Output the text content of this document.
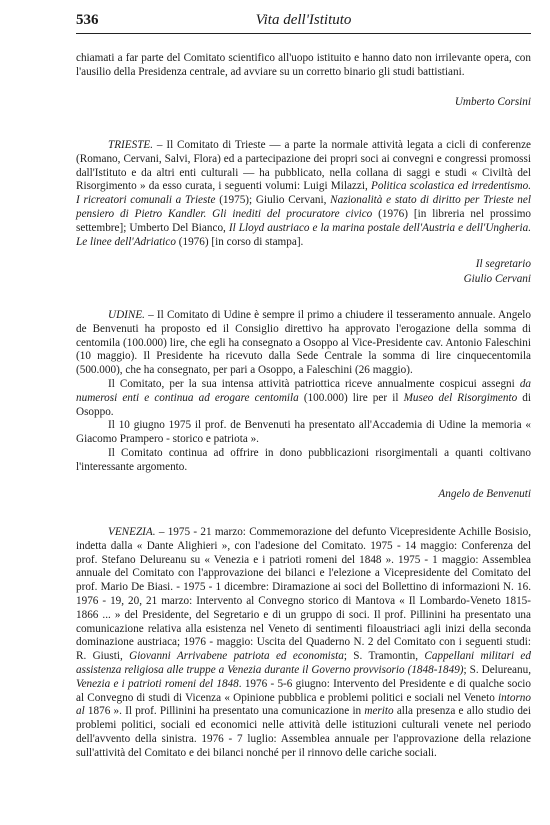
536	Vita dell'Istituto

chiamati a far parte del Comitato scientifico all'uopo istituito e hanno dato non irrilevante opera, con l'ausilio della Presidenza centrale, ad avviare su un corretto binario gli studi battistiani.

Umberto Corsini

TRIESTE. – Il Comitato di Trieste — a parte la normale attività legata a cicli di conferenze (Romano, Cervani, Salvi, Flora) ed a partecipazione dei propri soci ai convegni e congressi promossi dall'Istituto e da altri enti culturali — ha pubblicato, nella collana di saggi e studi « Civiltà del Risorgimento » da esso curata, i seguenti volumi: Luigi Milazzi, Politica scolastica ed irredentismo. I ricreatori comunali a Trieste (1975); Giulio Cervani, Nazionalità e stato di diritto per Trieste nel pensiero di Pietro Kandler. Gli inediti del procuratore civico (1976) [in libreria nel prossimo settembre]; Umberto Del Bianco, Il Lloyd austriaco e la marina postale dell'Austria e dell'Ungheria. Le linee dell'Adriatico (1976) [in corso di stampa].

Il segretario
Giulio Cervani

UDINE. – Il Comitato di Udine è sempre il primo a chiudere il tesseramento annuale. Angelo de Benvenuti ha proposto ed il Consiglio direttivo ha approvato l'erogazione della somma di centomila (100.000) lire, che egli ha consegnato a Osoppo al Vice-Presidente cav. Antonio Faleschini (10 maggio). Il Presidente ha ricevuto dalla Sede Centrale la somma di lire cinquecentomila (500.000), che ha consegnato, per pari a Osoppo, a Faleschini (26 maggio).

Il Comitato, per la sua intensa attività patriottica riceve annualmente cospicui assegni da numerosi enti e continua ad erogare centomila (100.000) lire per il Museo del Risorgimento di Osoppo.

Il 10 giugno 1975 il prof. de Benvenuti ha presentato all'Accademia di Udine la memoria « Giacomo Prampero - storico e patriota ».

Il Comitato continua ad offrire in dono pubblicazioni risorgimentali a quanti coltivano l'interessante argomento.

Angelo de Benvenuti

VENEZIA. – 1975 - 21 marzo: Commemorazione del defunto Vicepresidente Achille Bosisio, indetta dalla « Dante Alighieri », con l'adesione del Comitato. 1975 - 14 maggio: Conferenza del prof. Stefano Delureanu su « Venezia e i patrioti romeni del 1848 ». 1975 - 1 maggio: Assemblea annuale del Comitato con l'approvazione dei bilanci e l'elezione a Vicepresidente del Comitato del prof. Mario De Biasi. - 1975 - 1 dicembre: Diramazione ai soci del Bollettino di informazioni N. 16. 1976 - 19, 20, 21 marzo: Intervento al Convegno storico di Mantova « Il Lombardo-Veneto 1815-1866 ... » del Presidente, del Segretario e di un gruppo di soci. Il prof. Pillinini ha presentato una comunicazione relativa alla esistenza nel Veneto di sentimenti filoaustriaci agli inizi della seconda dominazione austriaca; 1976 - maggio: Uscita del Quaderno N. 2 del Comitato con i seguenti studi: R. Giusti, Giovanni Arrivabene patriota ed economista; S. Tramontin, Cappellani militari ed assistenza religiosa alle truppe a Venezia durante il Governo provvisorio (1848-1849); S. Delureanu, Venezia e i patrioti romeni del 1848. 1976 - 5-6 giugno: Intervento del Presidente e di qualche socio al Convegno di studi di Vicenza « Opinione pubblica e problemi politici e sociali nel Veneto intorno al 1876 ». Il prof. Pillinini ha presentato una comunicazione in merito alla presenza e allo studio dei problemi politici, sociali ed economici nelle attività delle istituzioni culturali venete nel periodo dell'avvento della sinistra. 1976 - 7 luglio: Assemblea annuale per l'approvazione della relazione sull'attività del Comitato e dei bilanci nonché per il rinnovo delle cariche sociali.
